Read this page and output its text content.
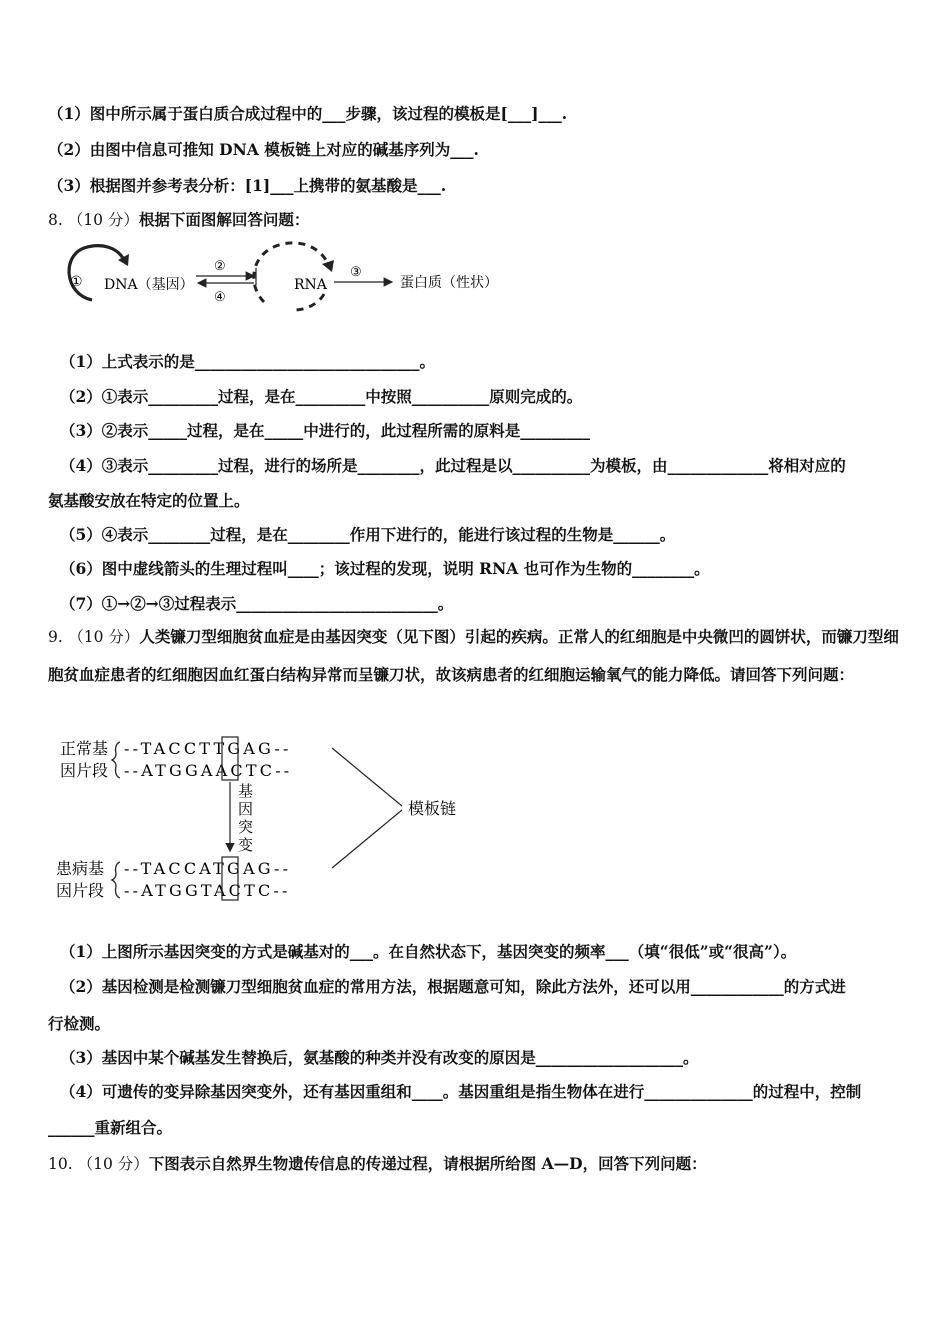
（1）图中所示属于蛋白质合成过程中的___步骤，该过程的模板是[___]___.
（2）由图中信息可推知 DNA 模板链上对应的碱基序列为___.
（3）根据图并参考表分析：[1]___上携带的氨基酸是___.
8. （10 分）根据下面图解回答问题：
① DNA（基因）
②
④
RNA
③
蛋白质（性状）
（1）上式表示的是_____________________________。
（2）①表示_________过程，是在_________中按照__________原则完成的。
（3）②表示_____过程，是在_____中进行的，此过程所需的原料是_________
（4）③表示_________过程，进行的场所是________，此过程是以__________为模板，由_____________将相对应的
氨基酸安放在特定的位置上。
（5）④表示________过程，是在________作用下进行的，能进行该过程的生物是______。
（6）图中虚线箭头的生理过程叫____；该过程的发现，说明 RNA 也可作为生物的________。
（7）①→②→③过程表示__________________________。
9. （10 分）人类镰刀型细胞贫血症是由基因突变（见下图）引起的疾病。正常人的红细胞是中央微凹的圆饼状，而镰刀型细胞贫血症患者的红细胞因血红蛋白结构异常而呈镰刀状，故该病患者的红细胞运输氧气的能力降低。请回答下列问题：
正常基
因片段
--TACCTTGAG--
--ATGGAACTC--
基
因
突
变
患病基
因片段
--TACCATGAG--
--ATGGTACTC--
模板链
（1）上图所示基因突变的方式是碱基对的___。在自然状态下，基因突变的频率___（填“很低”或“很高”）。
（2）基因检测是检测镰刀型细胞贫血症的常用方法，根据题意可知，除此方法外，还可以用____________的方式进
行检测。
（3）基因中某个碱基发生替换后，氨基酸的种类并没有改变的原因是___________________。
（4）可遗传的变异除基因突变外，还有基因重组和____。基因重组是指生物体在进行______________的过程中，控制
______重新组合。
10. （10 分）下图表示自然界生物遗传信息的传递过程，请根据所给图 A—D，回答下列问题：
